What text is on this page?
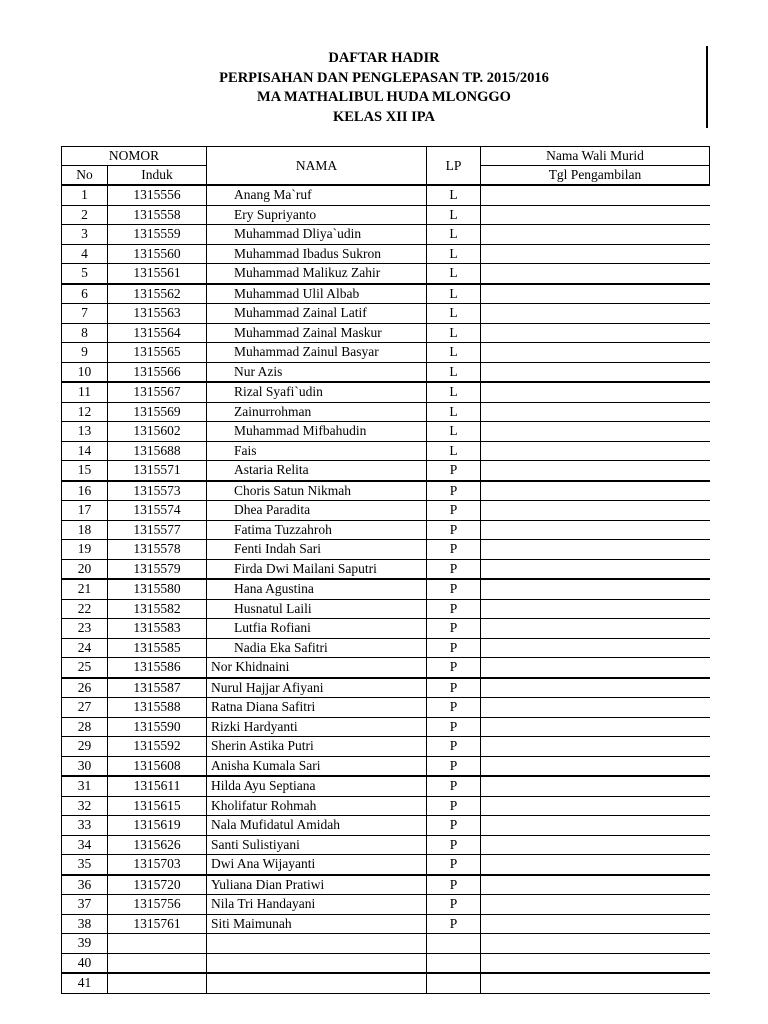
DAFTAR HADIR
PERPISAHAN DAN PENGLEPASAN TP. 2015/2016
MA MATHALIBUL HUDA MLONGGO
KELAS XII IPA
NOMOR		NAMA	LP	Nama Wali Murid
No	Induk			Tgl Pengambilan
1	1315556	Anang Ma`ruf	L	
2	1315558	Ery Supriyanto	L	
3	1315559	Muhammad Dliya`udin	L	
4	1315560	Muhammad Ibadus Sukron	L	
5	1315561	Muhammad Malikuz Zahir	L	
6	1315562	Muhammad Ulil Albab	L	
7	1315563	Muhammad Zainal Latif	L	
8	1315564	Muhammad Zainal Maskur	L	
9	1315565	Muhammad Zainul Basyar	L	
10	1315566	Nur Azis	L	
11	1315567	Rizal Syafi`udin	L	
12	1315569	Zainurrohman	L	
13	1315602	Muhammad Mifbahudin	L	
14	1315688	Fais	L	
15	1315571	Astaria Relita	P	
16	1315573	Choris Satun Nikmah	P	
17	1315574	Dhea Paradita	P	
18	1315577	Fatima Tuzzahroh	P	
19	1315578	Fenti Indah Sari	P	
20	1315579	Firda Dwi Mailani Saputri	P	
21	1315580	Hana Agustina	P	
22	1315582	Husnatul Laili	P	
23	1315583	Lutfia Rofiani	P	
24	1315585	Nadia Eka Safitri	P	
25	1315586	Nor Khidnaini	P	
26	1315587	Nurul Hajjar Afiyani	P	
27	1315588	Ratna Diana Safitri	P	
28	1315590	Rizki Hardyanti	P	
29	1315592	Sherin Astika Putri	P	
30	1315608	Anisha Kumala Sari	P	
31	1315611	Hilda Ayu Septiana	P	
32	1315615	Kholifatur Rohmah	P	
33	1315619	Nala Mufidatul Amidah	P	
34	1315626	Santi Sulistiyani	P	
35	1315703	Dwi Ana Wijayanti	P	
36	1315720	Yuliana Dian Pratiwi	P	
37	1315756	Nila Tri Handayani	P	
38	1315761	Siti Maimunah	P	
39				
40				
41				
